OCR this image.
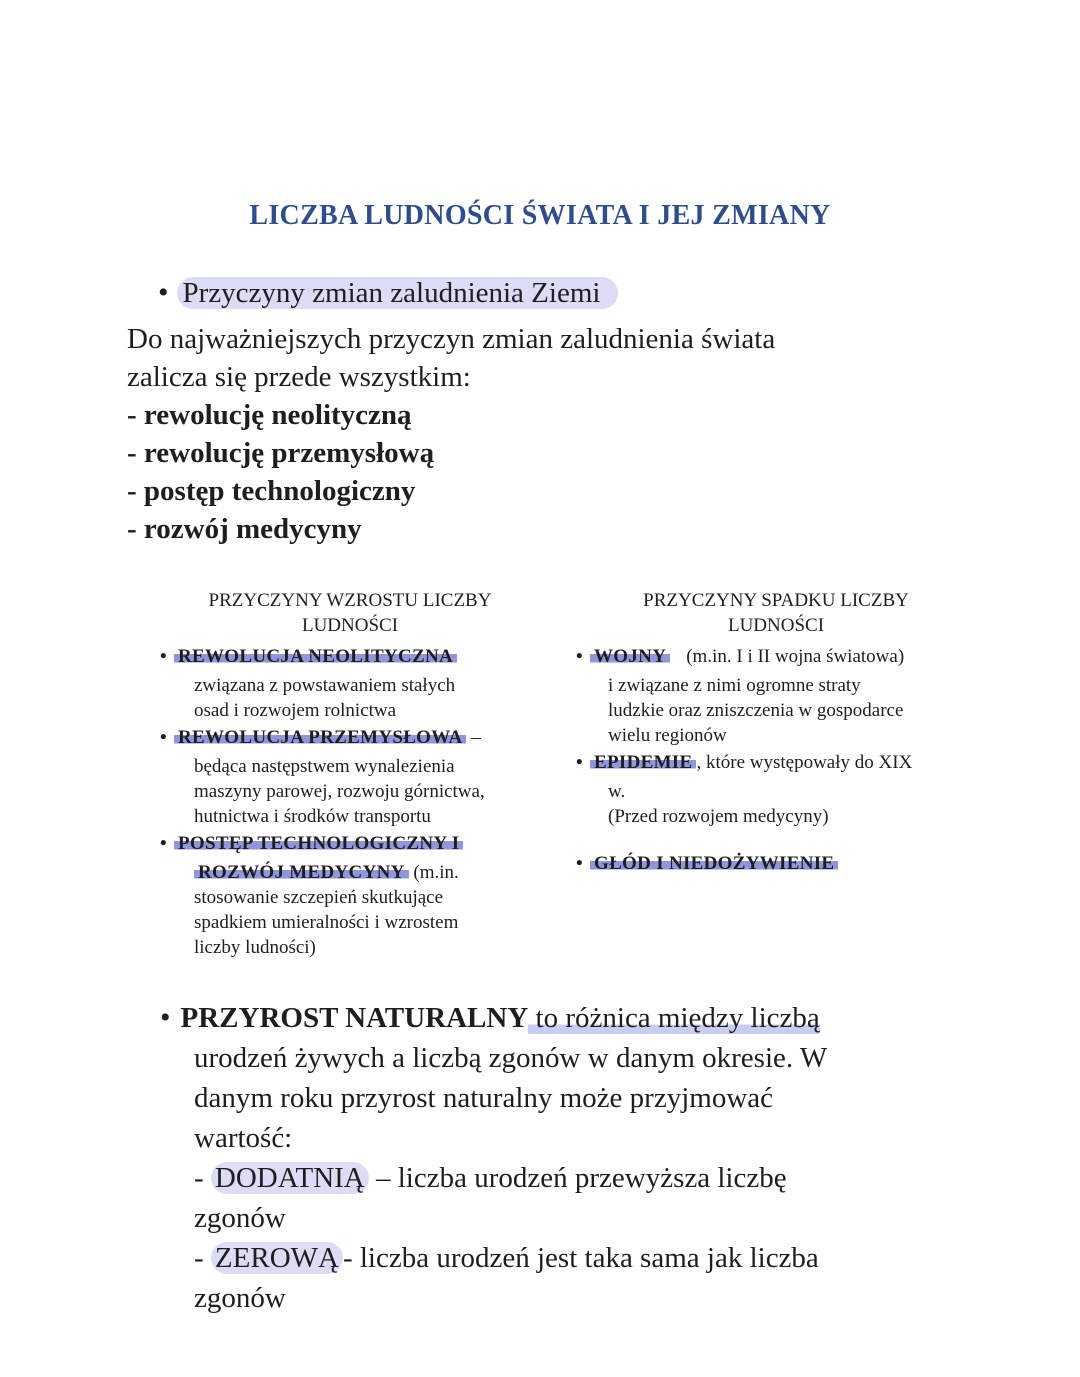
LICZBA LUDNOŚCI ŚWIATA I JEJ ZMIANY
• Przyczyny zmian zaludnienia Ziemi
Do najważniejszych przyczyn zmian zaludnienia świata
zalicza się przede wszystkim:
- rewolucję neolityczną
- rewolucję przemysłową
- postęp technologiczny
- rozwój medycyny
PRZYCZYNY WZROSTU LICZBY
LUDNOŚCI
• REWOLUCJA NEOLITYCZNA
związana z powstawaniem stałych
osad i rozwojem rolnictwa
• REWOLUCJA PRZEMYSŁOWA –
będąca następstwem wynalezienia
maszyny parowej, rozwoju górnictwa,
hutnictwa i środków transportu
• POSTĘP TECHNOLOGICZNY I
ROZWÓJ MEDYCYNY (m.in.
stosowanie szczepień skutkujące
spadkiem umieralności i wzrostem
liczby ludności)
PRZYCZYNY SPADKU LICZBY
LUDNOŚCI
• WOJNY (m.in. I i II wojna światowa)
i związane z nimi ogromne straty
ludzkie oraz zniszczenia w gospodarce
wielu regionów
• EPIDEMIE , które występowały do XIX
w.
(Przed rozwojem medycyny)
• GŁÓD I NIEDOŻYWIENIE
• PRZYROST NATURALNY to różnica między liczbą
urodzeń żywych a liczbą zgonów w danym okresie. W
danym roku przyrost naturalny może przyjmować
wartość:
- DODATNIĄ – liczba urodzeń przewyższa liczbę
zgonów
- ZEROWĄ - liczba urodzeń jest taka sama jak liczba
zgonów
